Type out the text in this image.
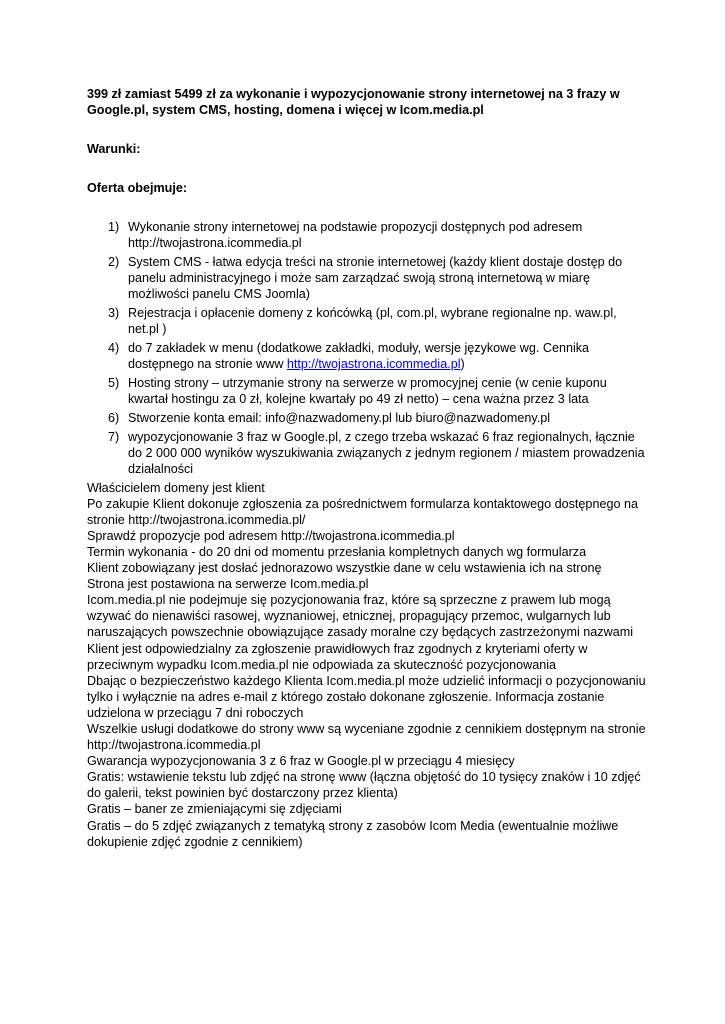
399 zł zamiast 5499 zł za wykonanie i wypozycjonowanie strony internetowej na 3 frazy w Google.pl, system CMS, hosting, domena i więcej w Icom.media.pl
Warunki:
Oferta obejmuje:
1) Wykonanie strony internetowej na podstawie propozycji dostępnych pod adresem http://twojastrona.icommedia.pl
2) System CMS - łatwa edycja treści na stronie internetowej (każdy klient dostaje dostęp do panelu administracyjnego i może sam zarządzać swoją stroną internetową w miarę możliwości panelu CMS Joomla)
3) Rejestracja i opłacenie domeny z końcówką (pl, com.pl, wybrane regionalne np. waw.pl, net.pl )
4) do 7 zakładek w menu (dodatkowe zakładki, moduły, wersje językowe wg. Cennika dostępnego na stronie www http://twojastrona.icommedia.pl)
5) Hosting strony – utrzymanie strony na serwerze w promocyjnej cenie (w cenie kuponu kwartał hostingu za 0 zł, kolejne kwartały po 49 zł netto) – cena ważna przez 3 lata
6) Stworzenie konta email: info@nazwadomeny.pl lub biuro@nazwadomeny.pl
7) wypozycjonowanie 3 fraz w Google.pl, z czego trzeba wskazać 6 fraz regionalnych, łącznie do 2 000 000 wyników wyszukiwania związanych z jednym regionem / miastem prowadzenia działalności

Właścicielem domeny jest klient

Po zakupie Klient dokonuje zgłoszenia za pośrednictwem formularza kontaktowego dostępnego na stronie http://twojastrona.icommedia.pl/

Sprawdź propozycje pod adresem http://twojastrona.icommedia.pl

Termin wykonania - do 20 dni od momentu przesłania kompletnych danych wg formularza

Klient zobowiązany jest dosłać jednorazowo wszystkie dane w celu wstawienia ich na stronę

Strona jest postawiona na serwerze Icom.media.pl

Icom.media.pl nie podejmuje się pozycjonowania fraz, które są sprzeczne z prawem lub mogą wzywać do nienawiści rasowej, wyznaniowej, etnicznej, propagujący przemoc, wulgarnych lub naruszających powszechnie obowiązujące zasady moralne czy będących zastrzeżonymi nazwami

Klient jest odpowiedzialny za zgłoszenie prawidłowych fraz zgodnych z kryteriami oferty w przeciwnym wypadku Icom.media.pl nie odpowiada za skuteczność pozycjonowania

Dbając o bezpieczeństwo każdego Klienta Icom.media.pl może udzielić informacji o pozycjonowaniu tylko i wyłącznie na adres e-mail z którego zostało dokonane zgłoszenie. Informacja zostanie udzielona w przeciągu 7 dni roboczych

Wszelkie usługi dodatkowe do strony www są wyceniane zgodnie z cennikiem dostępnym na stronie http://twojastrona.icommedia.pl

Gwarancja wypozycjonowania 3 z 6 fraz w Google.pl w przeciągu 4 miesięcy

Gratis: wstawienie tekstu lub zdjęć na stronę www (łączna objętość do 10 tysięcy znaków i 10 zdjęć do galerii, tekst powinien być dostarczony przez klienta)

Gratis – baner ze zmieniającymi się zdjęciami

Gratis – do 5 zdjęć związanych z tematyką strony z zasobów Icom Media (ewentualnie możliwe dokupienie zdjęć zgodnie z cennikiem)
